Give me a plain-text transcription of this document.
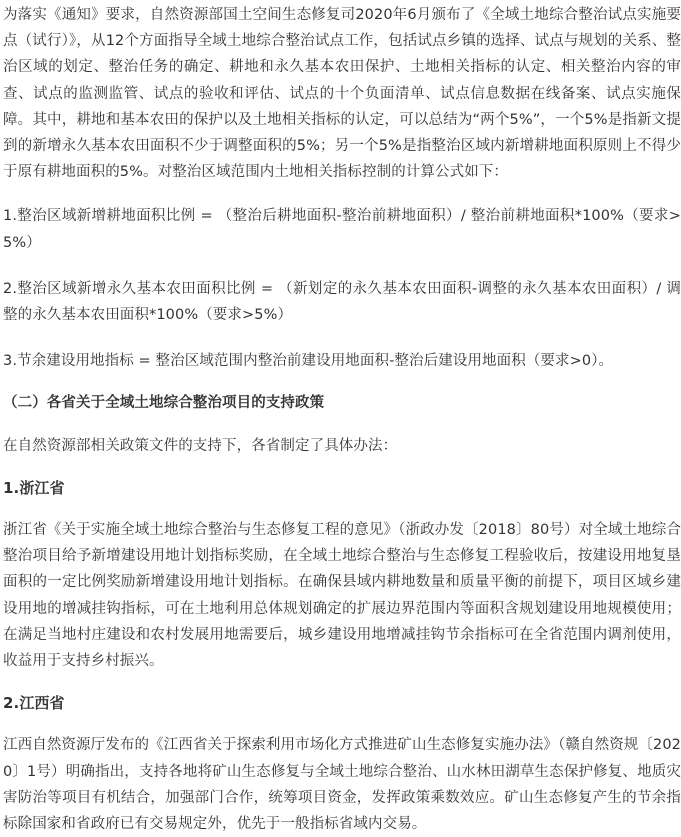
为落实《通知》要求，自然资源部国土空间生态修复司2020年6月颁布了《全域土地综合整治试点实施要点（试行）》，从12个方面指导全域土地综合整治试点工作，包括试点乡镇的选择、试点与规划的关系、整治区域的划定、整治任务的确定、耕地和永久基本农田保护、土地相关指标的认定、相关整治内容的审查、试点的监测监管、试点的验收和评估、试点的十个负面清单、试点信息数据在线备案、试点实施保障。其中，耕地和基本农田的保护以及土地相关指标的认定，可以总结为“两个5%”，一个5%是指新文提到的新增永久基本农田面积不少于调整面积的5%；另一个5%是指整治区域内新增耕地面积原则上不得少于原有耕地面积的5%。对整治区域范围内土地相关指标控制的计算公式如下：

1.整治区域新增耕地面积比例 = （整治后耕地面积-整治前耕地面积）/ 整治前耕地面积*100%（要求>5%）

2.整治区域新增永久基本农田面积比例 = （新划定的永久基本农田面积-调整的永久基本农田面积）/ 调整的永久基本农田面积*100%（要求>5%）

3.节余建设用地指标 = 整治区域范围内整治前建设用地面积-整治后建设用地面积（要求>0）。

（二）各省关于全域土地综合整治项目的支持政策

在自然资源部相关政策文件的支持下，各省制定了具体办法：

1.浙江省

浙江省《关于实施全域土地综合整治与生态修复工程的意见》（浙政办发〔2018〕80号）对全域土地综合整治项目给予新增建设用地计划指标奖励，在全域土地综合整治与生态修复工程验收后，按建设用地复垦面积的一定比例奖励新增建设用地计划指标。在确保县域内耕地数量和质量平衡的前提下，项目区域乡建设用地的增减挂钩指标，可在土地利用总体规划确定的扩展边界范围内等面积含规划建设用地规模使用；在满足当地村庄建设和农村发展用地需要后，城乡建设用地增减挂钩节余指标可在全省范围内调剂使用，收益用于支持乡村振兴。

2.江西省

江西自然资源厅发布的《江西省关于探索利用市场化方式推进矿山生态修复实施办法》（赣自然资规〔2020〕1号）明确指出，支持各地将矿山生态修复与全域土地综合整治、山水林田湖草生态保护修复、地质灾害防治等项目有机结合，加强部门合作，统筹项目资金，发挥政策乘数效应。矿山生态修复产生的节余指标除国家和省政府已有交易规定外，优先于一般指标省域内交易。
